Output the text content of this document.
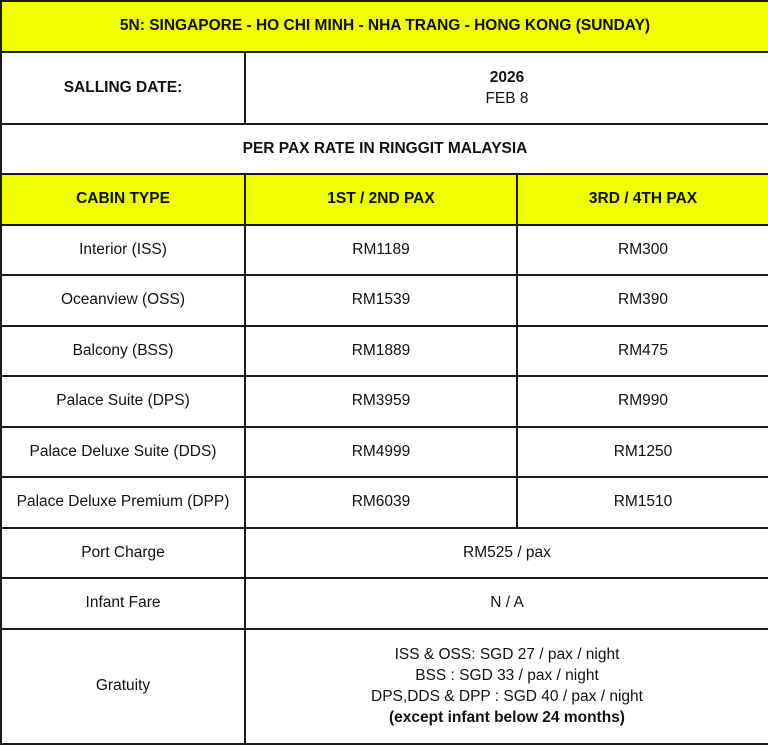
5N: SINGAPORE - HO CHI MINH - NHA TRANG - HONG KONG (SUNDAY)		
SALLING DATE:	2026
FEB 8	

PER PAX RATE IN RINGGIT MALAYSIA		
CABIN TYPE	1ST / 2ND PAX	3RD / 4TH PAX
Interior (ISS)	RM1189	RM300
Oceanview (OSS)	RM1539	RM390
Balcony (BSS)	RM1889	RM475
Palace Suite (DPS)	RM3959	RM990
Palace Deluxe Suite (DDS)	RM4999	RM1250
Palace Deluxe Premium (DPP)	RM6039	RM1510
Port Charge	RM525 / pax	
Infant Fare	N / A	
Gratuity	ISS & OSS: SGD 27 / pax / night
BSS : SGD 33 / pax / night
DPS,DDS & DPP : SGD 40 / pax / night
(except infant below 24 months)	
